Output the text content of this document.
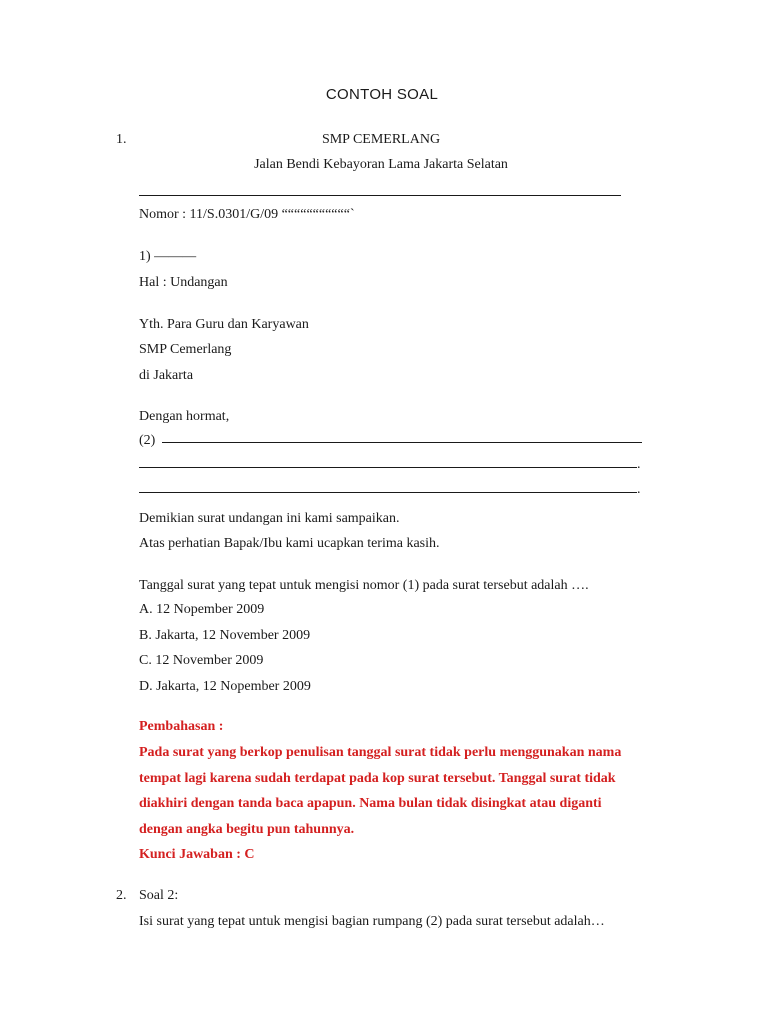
CONTOH SOAL
1.	SMP CEMERLANG
Jalan Bendi Kebayoran Lama Jakarta Selatan
Nomor : 11/S.0301/G/09 “““““““““““`
1) ———
Hal : Undangan
Yth. Para Guru dan Karyawan
SMP Cemerlang
di Jakarta
Dengan hormat,
(2)
.
.
Demikian surat undangan ini kami sampaikan.
Atas perhatian Bapak/Ibu kami ucapkan terima kasih.
Tanggal surat yang tepat untuk mengisi nomor (1) pada surat tersebut adalah ….
A. 12 Nopember 2009
B. Jakarta, 12 November 2009
C. 12 November 2009
D. Jakarta, 12 Nopember 2009
Pembahasan :
Pada surat yang berkop penulisan tanggal surat tidak perlu menggunakan nama
tempat lagi karena sudah terdapat pada kop surat tersebut. Tanggal surat tidak
diakhiri dengan tanda baca apapun. Nama bulan tidak disingkat atau diganti
dengan angka begitu pun tahunnya.
Kunci Jawaban : C
2. Soal 2:
Isi surat yang tepat untuk mengisi bagian rumpang (2) pada surat tersebut adalah…
